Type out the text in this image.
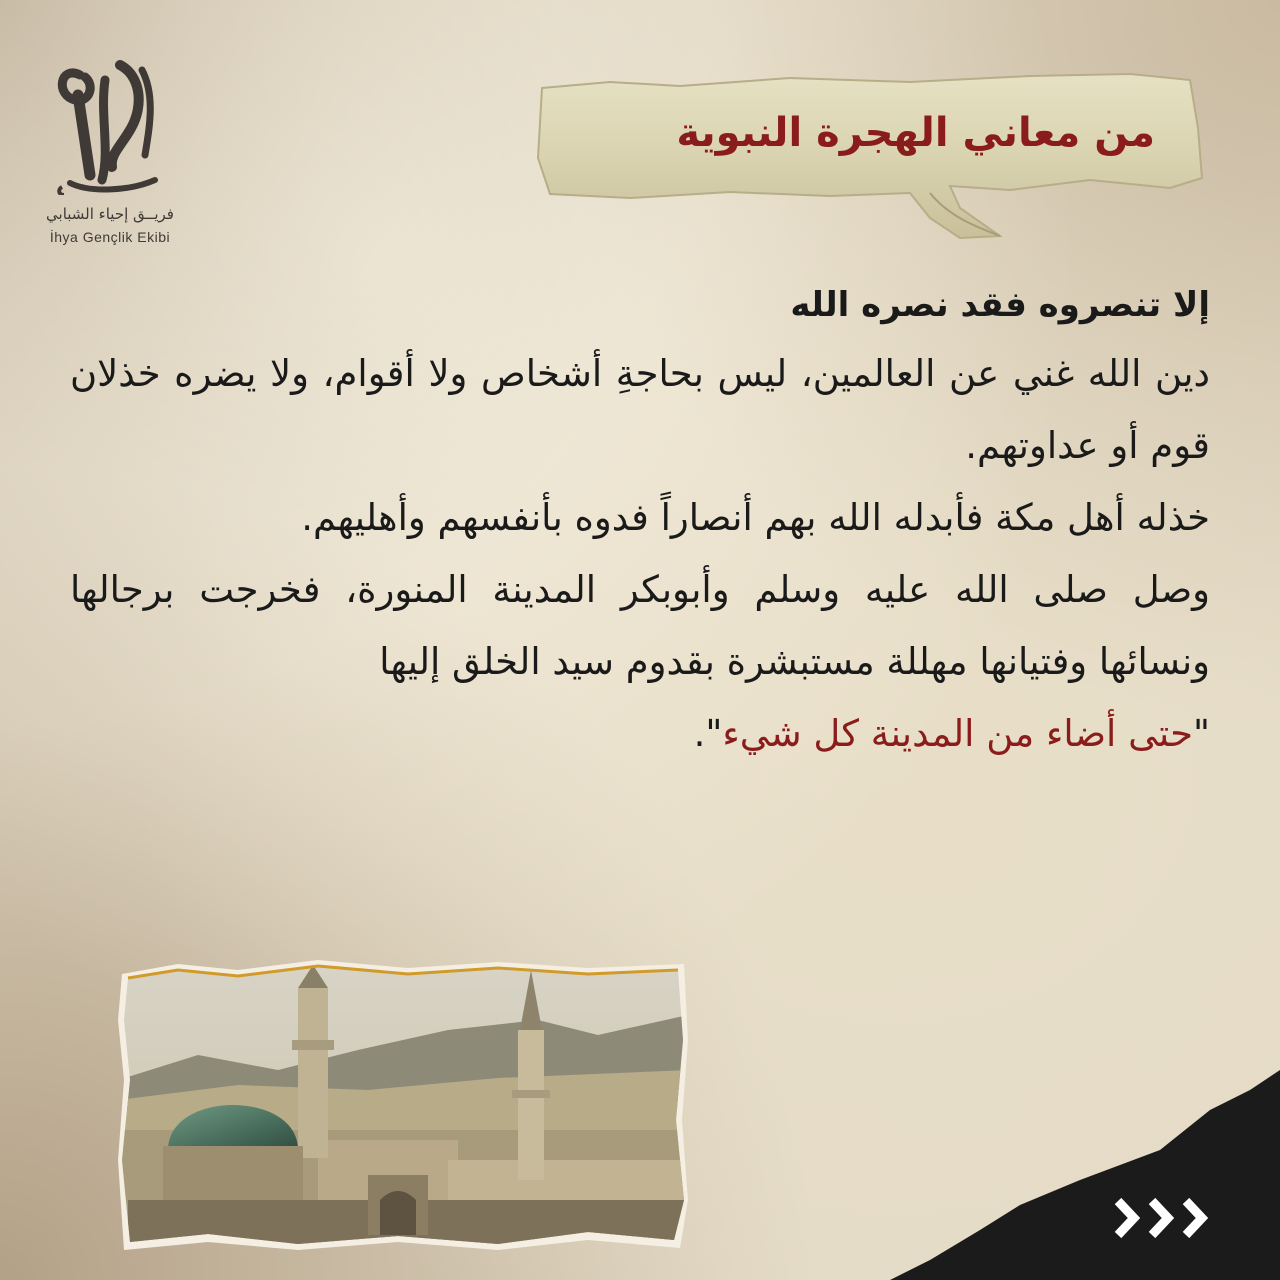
فريــق إحياء الشبابي
İhya Gençlik Ekibi
من معاني الهجرة النبوية

إلا تنصروه فقد نصره الله

دين الله غني عن العالمين، ليس بحاجةِ أشخاص ولا أقوام، ولا يضره خذلان قوم أو عداوتهم.

خذله أهل مكة فأبدله الله بهم أنصاراً فدوه بأنفسهم وأهليهم.

وصل صلى الله عليه وسلم وأبوبكر المدينة المنورة، فخرجت برجالها ونسائها وفتيانها مهللة مستبشرة بقدوم سيد الخلق إليها

"حتى أضاء من المدينة كل شيء".
